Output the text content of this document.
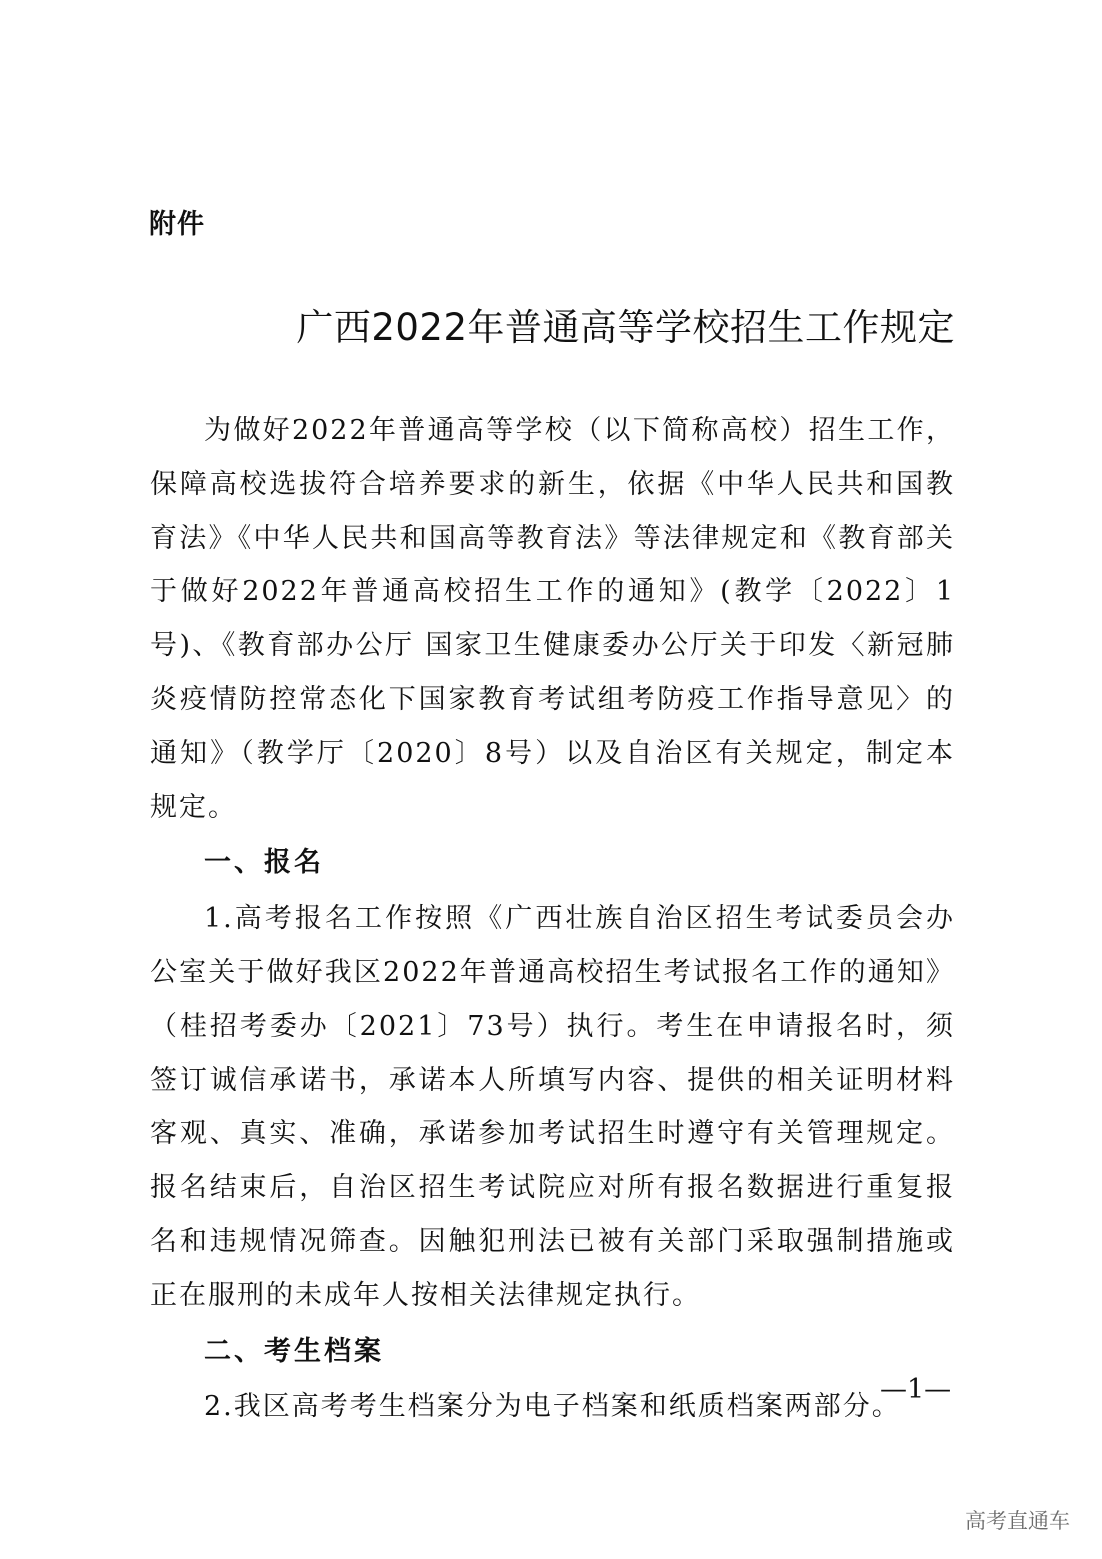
附件
广西2022年普通高等学校招生工作规定

为做好2022年普通高等学校（以下简称高校）招生工作，保障高校选拔符合培养要求的新生，依据《中华人民共和国教育法》《中华人民共和国高等教育法》等法律规定和《教育部关于做好2022年普通高校招生工作的通知》(教学〔2022〕1号)、《教育部办公厅 国家卫生健康委办公厅关于印发〈新冠肺炎疫情防控常态化下国家教育考试组考防疫工作指导意见〉的通知》（教学厅〔2020〕8号）以及自治区有关规定，制定本规定。

一、报名

1.高考报名工作按照《广西壮族自治区招生考试委员会办公室关于做好我区2022年普通高校招生考试报名工作的通知》（桂招考委办〔2021〕73号）执行。考生在申请报名时，须签订诚信承诺书，承诺本人所填写内容、提供的相关证明材料客观、真实、准确，承诺参加考试招生时遵守有关管理规定。报名结束后，自治区招生考试院应对所有报名数据进行重复报名和违规情况筛查。因触犯刑法已被有关部门采取强制措施或正在服刑的未成年人按相关法律规定执行。

二、考生档案

2.我区高考考生档案分为电子档案和纸质档案两部分。

—1—
高考直通车
